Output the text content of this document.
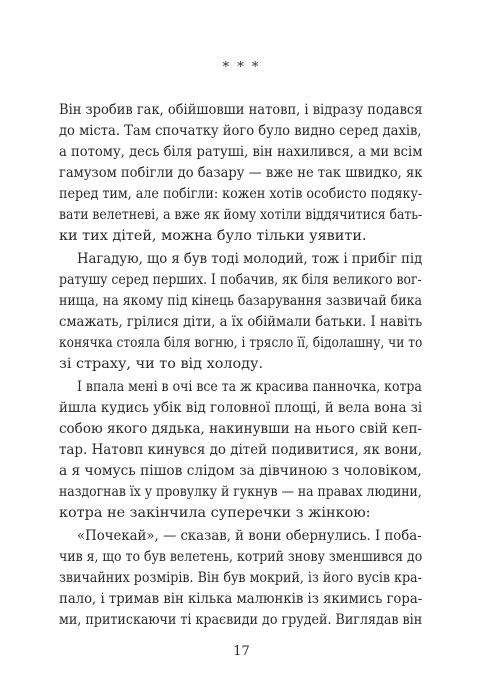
* * *
Він зробив гак, обійшовши натовп, і відразу подався
до міста. Там спочатку його було видно серед дахів,
а потому, десь біля ратуші, він нахилився, а ми всім
гамузом побігли до базару — вже не так швидко, як
перед тим, але побігли: кожен хотів особисто подяку-
вати велетневі, а вже як йому хотіли віддячитися бать-
ки тих дітей, можна було тільки уявити.
Нагадую, що я був тоді молодий, тож і прибіг під
ратушу серед перших. І побачив, як біля великого вог-
нища, на якому під кінець базарування зазвичай бика
смажать, грілися діти, а їх обіймали батьки. І навіть
конячка стояла біля вогню, і трясло її, бідолашну, чи то
зі страху, чи то від холоду.
І впала мені в очі все та ж красива панночка, котра
йшла кудись убік від головної площі, й вела вона зі
собою якого дядька, накинувши на нього свій кеп-
тар. Натовп кинувся до дітей подивитися, як вони,
а я чомусь пішов слідом за дівчиною з чоловіком,
наздогнав їх у провулку й гукнув — на правах людини,
котра не закінчила суперечки з жінкою:
«Почекай», — сказав, й вони обернулись. І поба-
чив я, що то був велетень, котрий знову зменшився до
звичайних розмірів. Він був мокрий, із його вусів кра-
пало, і тримав він кілька малюнків із якимись гора-
ми, притискаючи ті краєвиди до грудей. Виглядав він
17
